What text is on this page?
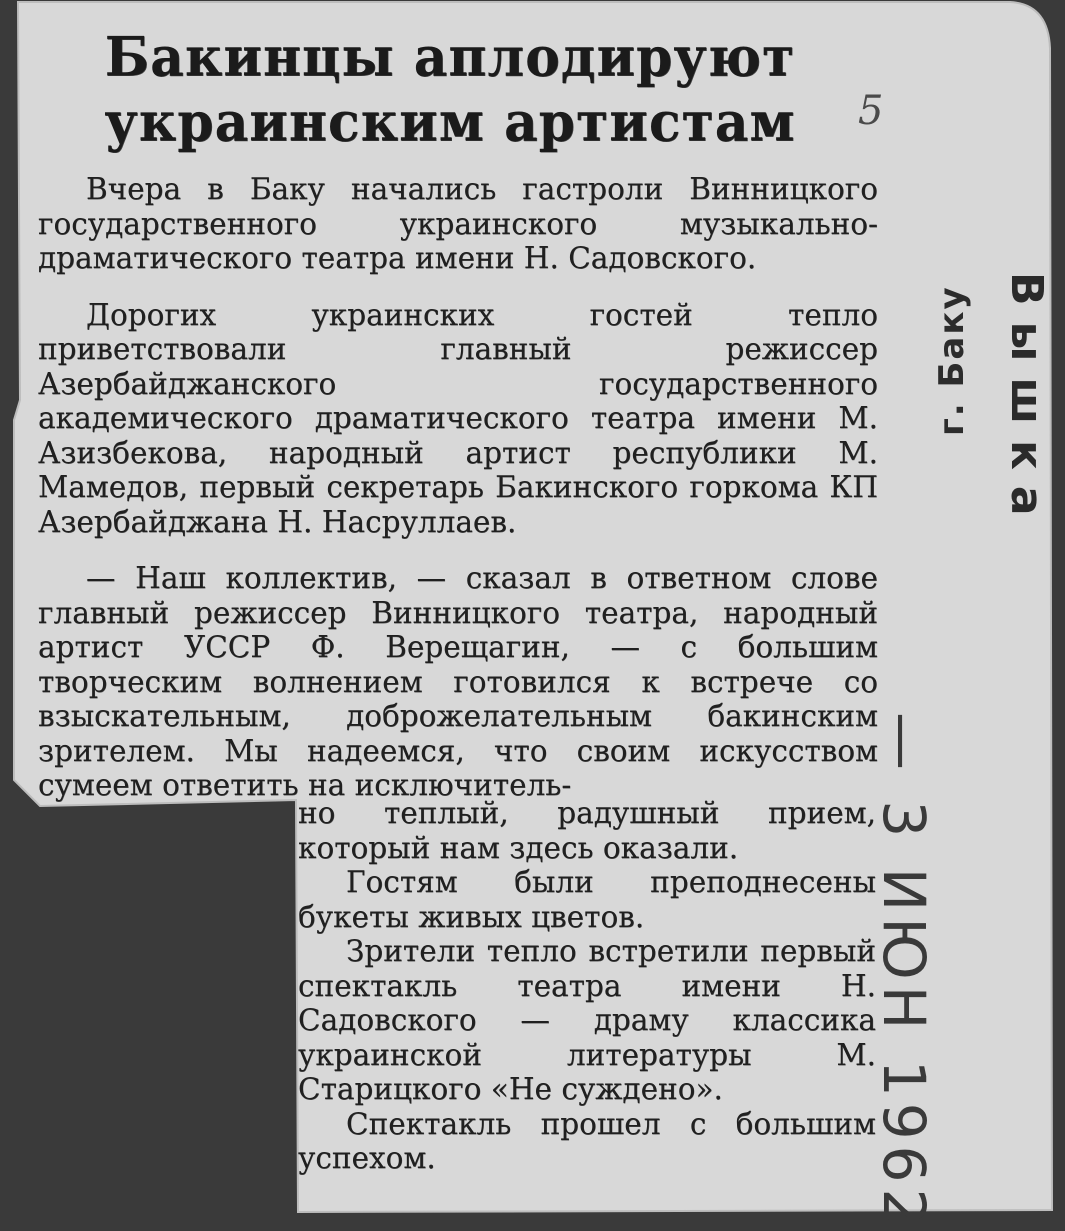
Бакинцы аплодируют
украинским артистам	5

Вчера в Баку начались гастроли Винницкого государственного украинского музыкально-драматического театра имени Н. Садовского.

Дорогих украинских гостей тепло приветствовали главный режиссер Азербайджанского государственного академического драматического театра имени М. Азизбекова, народный артист республики М. Мамедов, первый секретарь Бакинского горкома КП Азербайджана Н. Насруллаев.

— Наш коллектив, — сказал в ответном слове главный режиссер Винницкого театра, народный артист УССР Ф. Верещагин, — с большим творческим волнением готовился к встрече со взыскательным, доброжелательным бакинским зрителем. Мы надеемся, что своим искусством сумеем ответить на исключитель-

но теплый, радушный прием, который нам здесь оказали.

Гостям были преподнесены букеты живых цветов.

Зрители тепло встретили первый спектакль театра имени Н. Садовского — драму классика украинской литературы М. Старицкого «Не суждено».

Спектакль прошел с большим успехом.

Вышка
г. Баку
— 3 ИЮН 1962
